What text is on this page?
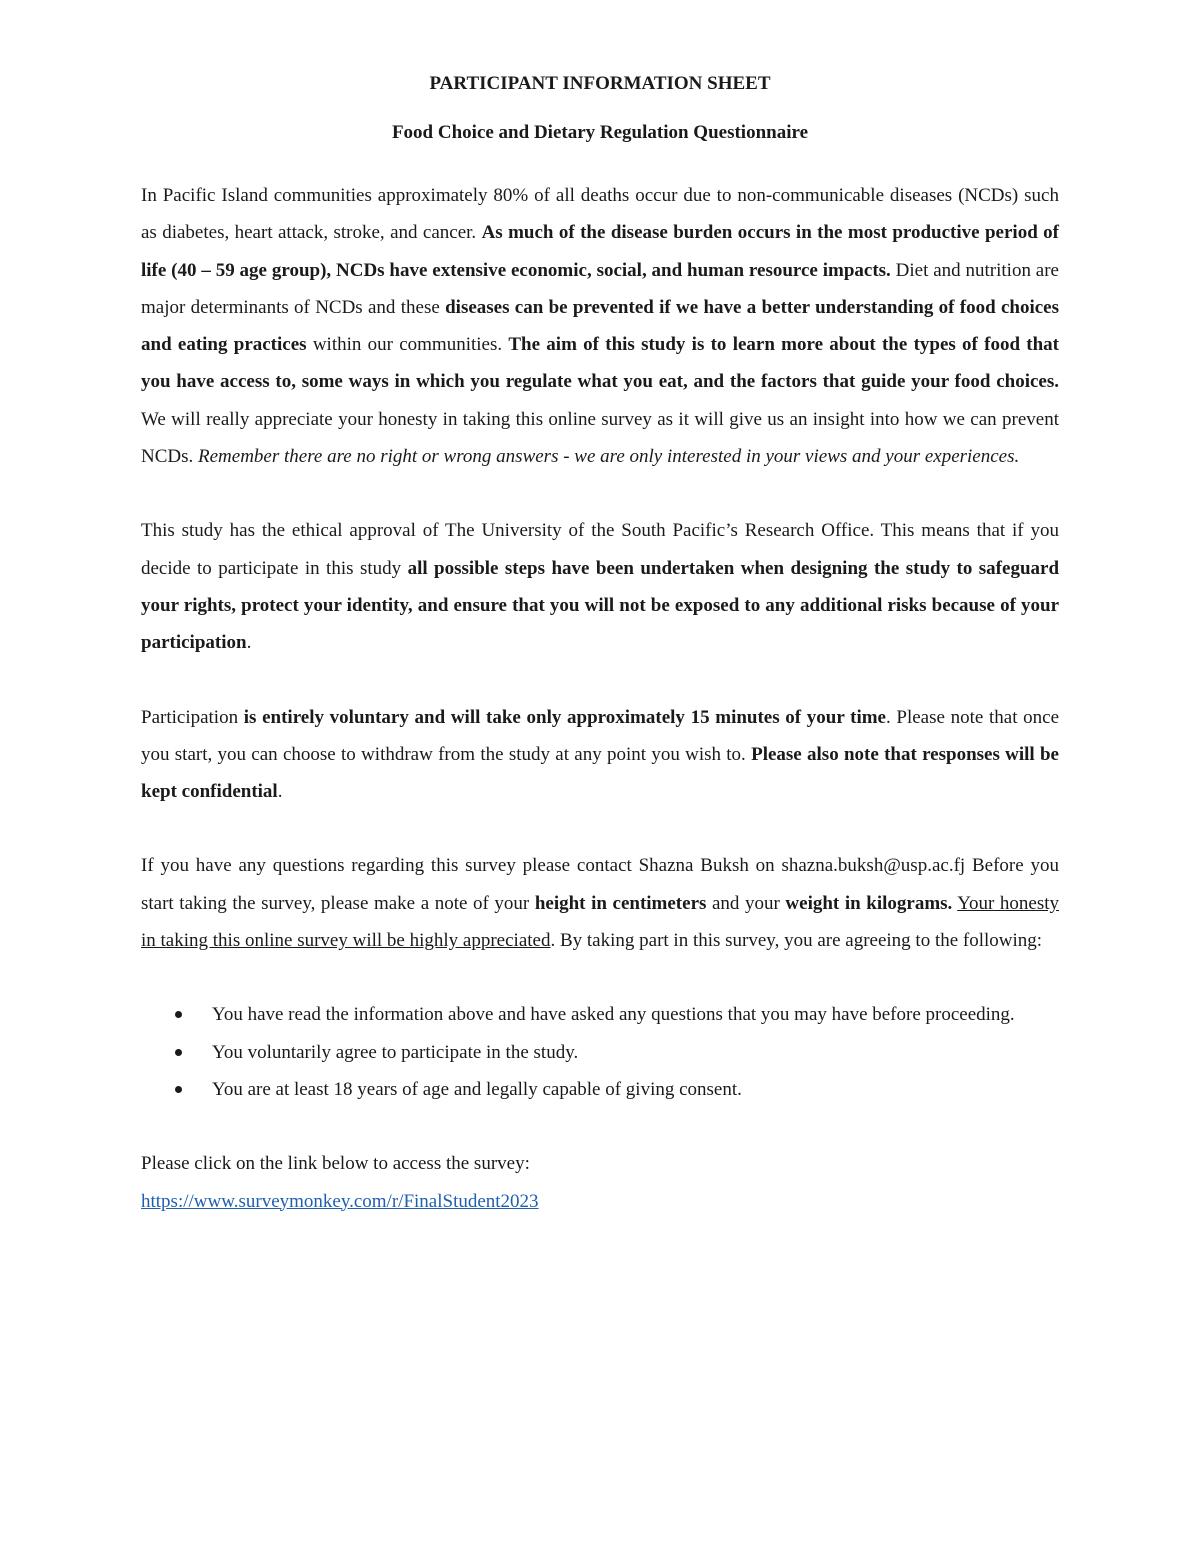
PARTICIPANT INFORMATION SHEET
Food Choice and Dietary Regulation Questionnaire

In Pacific Island communities approximately 80% of all deaths occur due to non-communicable diseases (NCDs) such as diabetes, heart attack, stroke, and cancer. As much of the disease burden occurs in the most productive period of life (40 – 59 age group), NCDs have extensive economic, social, and human resource impacts. Diet and nutrition are major determinants of NCDs and these diseases can be prevented if we have a better understanding of food choices and eating practices within our communities. The aim of this study is to learn more about the types of food that you have access to, some ways in which you regulate what you eat, and the factors that guide your food choices. We will really appreciate your honesty in taking this online survey as it will give us an insight into how we can prevent NCDs. Remember there are no right or wrong answers - we are only interested in your views and your experiences.

This study has the ethical approval of The University of the South Pacific’s Research Office. This means that if you decide to participate in this study all possible steps have been undertaken when designing the study to safeguard your rights, protect your identity, and ensure that you will not be exposed to any additional risks because of your participation.

Participation is entirely voluntary and will take only approximately 15 minutes of your time. Please note that once you start, you can choose to withdraw from the study at any point you wish to. Please also note that responses will be kept confidential.

If you have any questions regarding this survey please contact Shazna Buksh on shazna.buksh@usp.ac.fj Before you start taking the survey, please make a note of your height in centimeters and your weight in kilograms. Your honesty in taking this online survey will be highly appreciated. By taking part in this survey, you are agreeing to the following:

You have read the information above and have asked any questions that you may have before proceeding.
You voluntarily agree to participate in the study.
You are at least 18 years of age and legally capable of giving consent.

Please click on the link below to access the survey:

https://www.surveymonkey.com/r/FinalStudent2023
